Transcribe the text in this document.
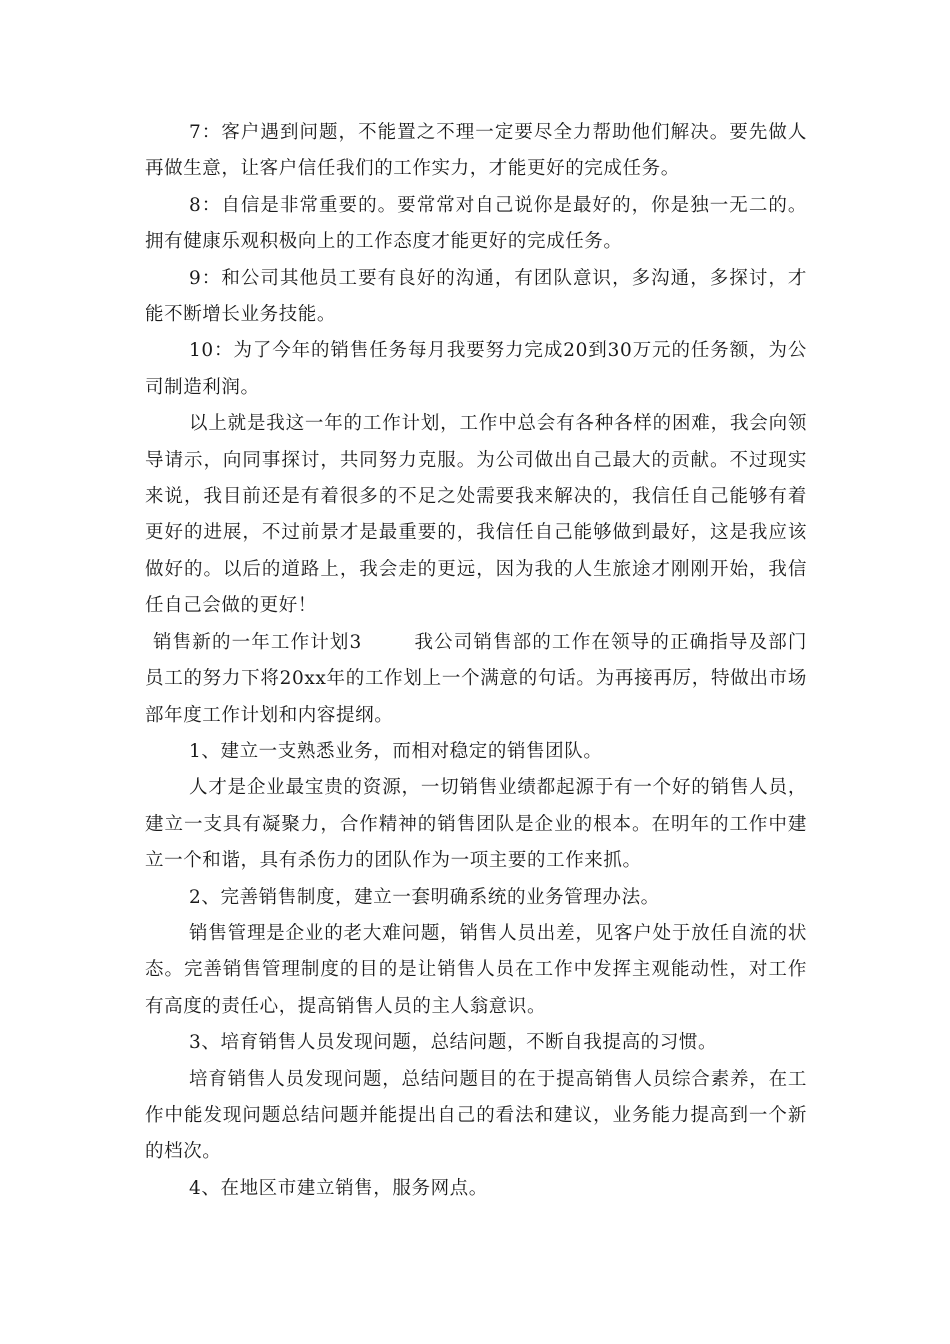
7：客户遇到问题，不能置之不理一定要尽全力帮助他们解决。要先做人再做生意，让客户信任我们的工作实力，才能更好的完成任务。

8：自信是非常重要的。要常常对自己说你是最好的，你是独一无二的。拥有健康乐观积极向上的工作态度才能更好的完成任务。

9：和公司其他员工要有良好的沟通，有团队意识，多沟通，多探讨，才能不断增长业务技能。

10：为了今年的销售任务每月我要努力完成20到30万元的任务额，为公司制造利润。

以上就是我这一年的工作计划，工作中总会有各种各样的困难，我会向领导请示，向同事探讨，共同努力克服。为公司做出自己最大的贡献。不过现实来说，我目前还是有着很多的不足之处需要我来解决的，我信任自己能够有着更好的进展，不过前景才是最重要的，我信任自己能够做到最好，这是我应该做好的。以后的道路上，我会走的更远，因为我的人生旅途才刚刚开始，我信任自己会做的更好！

销售新的一年工作计划3	我公司销售部的工作在领导的正确指导及部门员工的努力下将20xx年的工作划上一个满意的句话。为再接再厉，特做出市场部年度工作计划和内容提纲。

1、建立一支熟悉业务，而相对稳定的销售团队。

人才是企业最宝贵的资源，一切销售业绩都起源于有一个好的销售人员，建立一支具有凝聚力，合作精神的销售团队是企业的根本。在明年的工作中建立一个和谐，具有杀伤力的团队作为一项主要的工作来抓。

2、完善销售制度，建立一套明确系统的业务管理办法。

销售管理是企业的老大难问题，销售人员出差，见客户处于放任自流的状态。完善销售管理制度的目的是让销售人员在工作中发挥主观能动性，对工作有高度的责任心，提高销售人员的主人翁意识。

3、培育销售人员发现问题，总结问题，不断自我提高的习惯。

培育销售人员发现问题，总结问题目的在于提高销售人员综合素养，在工作中能发现问题总结问题并能提出自己的看法和建议，业务能力提高到一个新的档次。

4、在地区市建立销售，服务网点。
